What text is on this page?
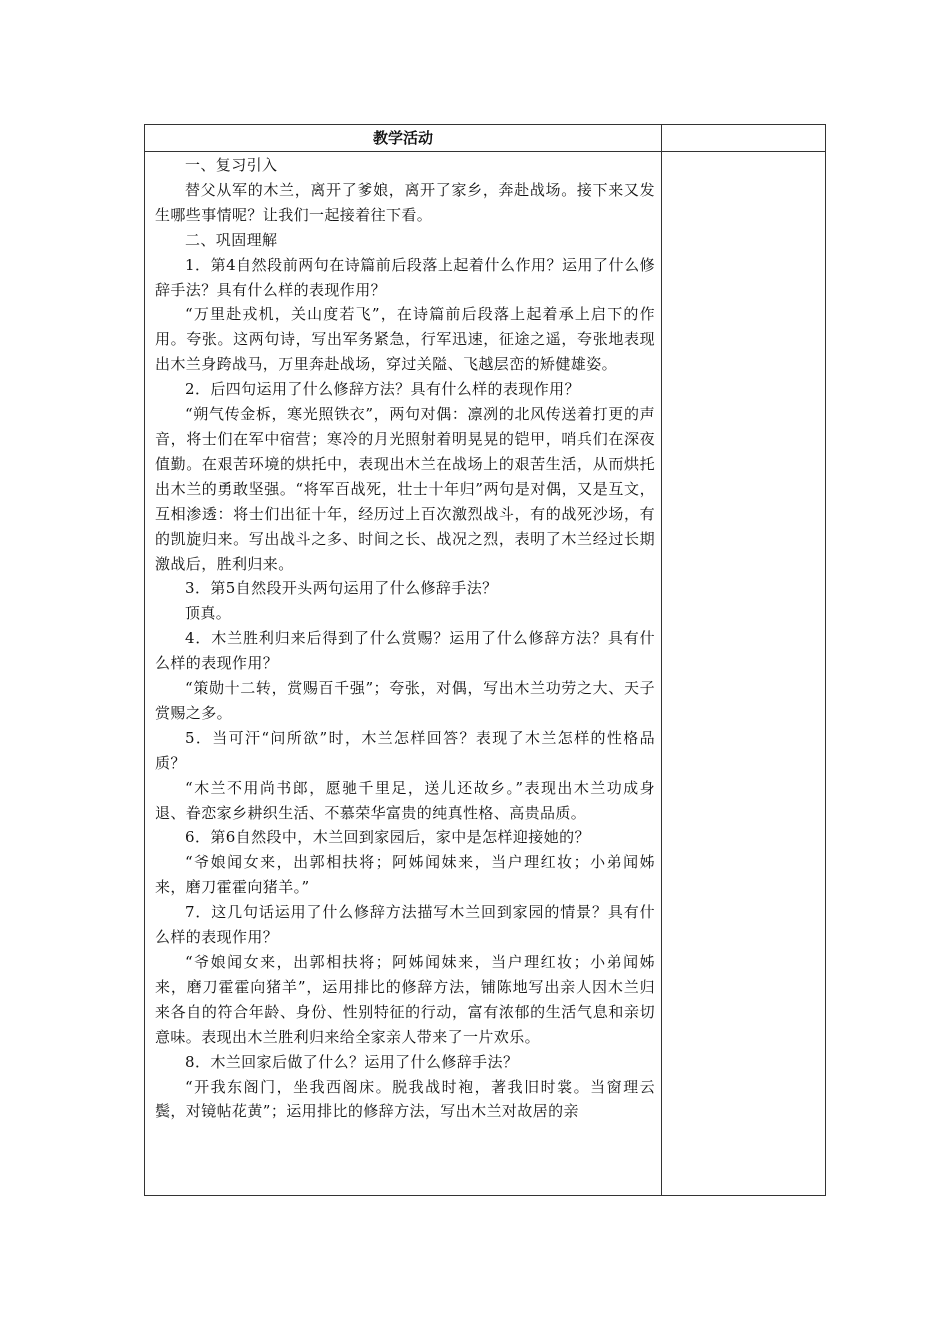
教学活动

一、复习引入

替父从军的木兰，离开了爹娘，离开了家乡，奔赴战场。接下来又发生哪些事情呢？让我们一起接着往下看。

二、巩固理解

1．第4自然段前两句在诗篇前后段落上起着什么作用？运用了什么修辞手法？具有什么样的表现作用？

“万里赴戎机，关山度若飞”，在诗篇前后段落上起着承上启下的作用。夸张。这两句诗，写出军务紧急，行军迅速，征途之遥，夸张地表现出木兰身跨战马，万里奔赴战场，穿过关隘、飞越层峦的矫健雄姿。

2．后四句运用了什么修辞方法？具有什么样的表现作用？

“朔气传金柝，寒光照铁衣”，两句对偶：凛冽的北风传送着打更的声音，将士们在军中宿营；寒冷的月光照射着明晃晃的铠甲，哨兵们在深夜值勤。在艰苦环境的烘托中，表现出木兰在战场上的艰苦生活，从而烘托出木兰的勇敢坚强。“将军百战死，壮士十年归”两句是对偶，又是互文，互相渗透：将士们出征十年，经历过上百次激烈战斗，有的战死沙场，有的凯旋归来。写出战斗之多、时间之长、战况之烈，表明了木兰经过长期激战后，胜利归来。

3．第5自然段开头两句运用了什么修辞手法？

顶真。

4．木兰胜利归来后得到了什么赏赐？运用了什么修辞方法？具有什么样的表现作用？

“策勋十二转，赏赐百千强”；夸张，对偶，写出木兰功劳之大、天子赏赐之多。

5．当可汗“问所欲”时，木兰怎样回答？表现了木兰怎样的性格品质？

“木兰不用尚书郎，愿驰千里足，送儿还故乡。”表现出木兰功成身退、眷恋家乡耕织生活、不慕荣华富贵的纯真性格、高贵品质。

6．第6自然段中，木兰回到家园后，家中是怎样迎接她的？

“爷娘闻女来，出郭相扶将；阿姊闻妹来，当户理红妆；小弟闻姊来，磨刀霍霍向猪羊。”

7．这几句话运用了什么修辞方法描写木兰回到家园的情景？具有什么样的表现作用？

“爷娘闻女来，出郭相扶将；阿姊闻妹来，当户理红妆；小弟闻姊来，磨刀霍霍向猪羊”，运用排比的修辞方法，铺陈地写出亲人因木兰归来各自的符合年龄、身份、性别特征的行动，富有浓郁的生活气息和亲切意味。表现出木兰胜利归来给全家亲人带来了一片欢乐。

8．木兰回家后做了什么？运用了什么修辞手法？

“开我东阁门，坐我西阁床。脱我战时袍，著我旧时裳。当窗理云鬓，对镜帖花黄”；运用排比的修辞方法，写出木兰对故居的亲
